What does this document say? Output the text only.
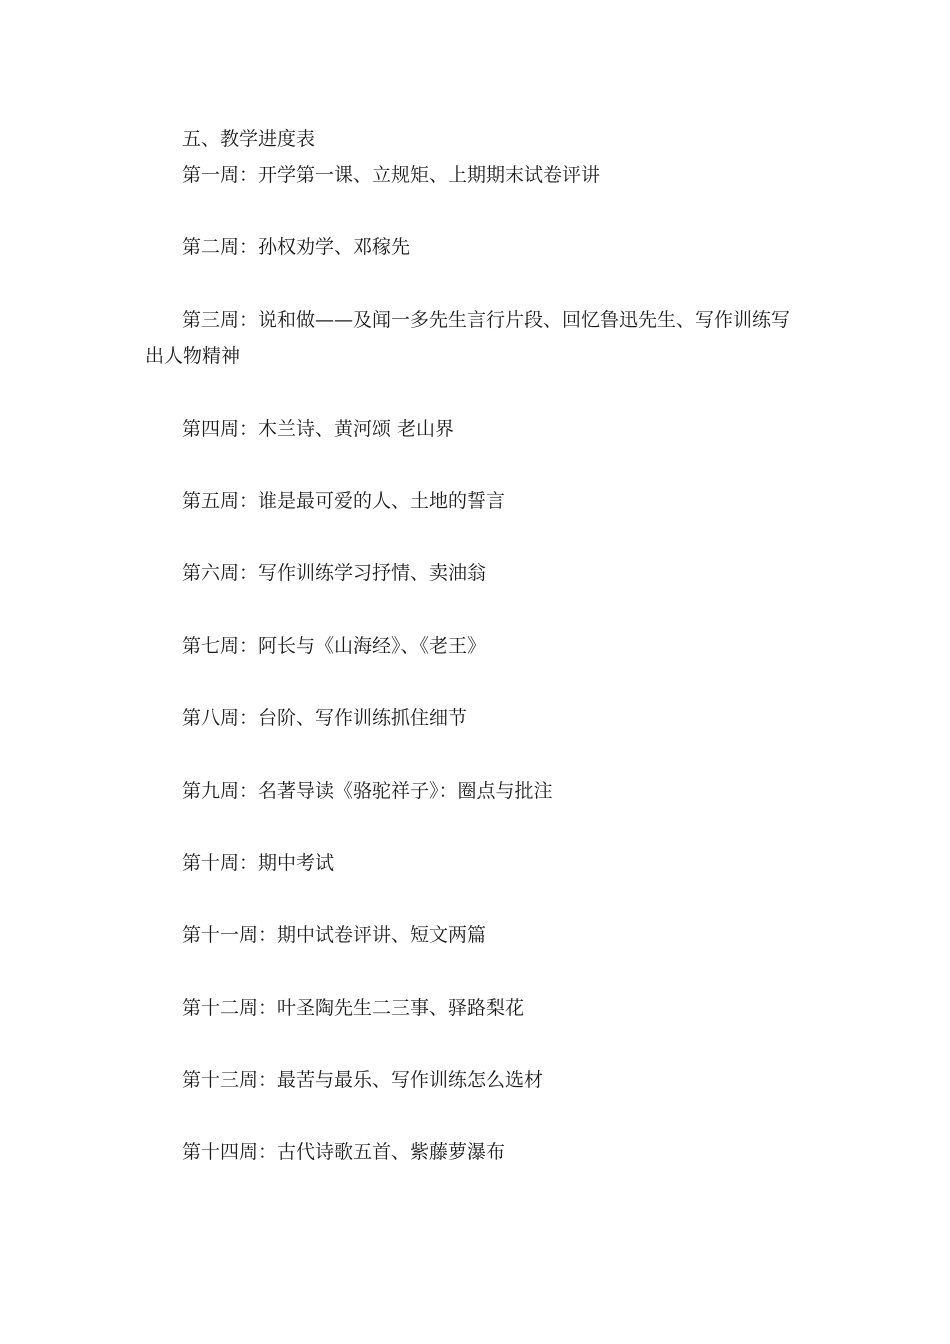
五、教学进度表
第一周：开学第一课、立规矩、上期期末试卷评讲
第二周：孙权劝学、邓稼先
第三周：说和做——及闻一多先生言行片段、回忆鲁迅先生、写作训练写
出人物精神
第四周：木兰诗、黄河颂 老山界
第五周：谁是最可爱的人、土地的誓言
第六周：写作训练学习抒情、卖油翁
第七周：阿长与《山海经》、《老王》
第八周：台阶、写作训练抓住细节
第九周：名著导读《骆驼祥子》：圈点与批注
第十周：期中考试
第十一周：期中试卷评讲、短文两篇
第十二周：叶圣陶先生二三事、驿路梨花
第十三周：最苦与最乐、写作训练怎么选材
第十四周：古代诗歌五首、紫藤萝瀑布
